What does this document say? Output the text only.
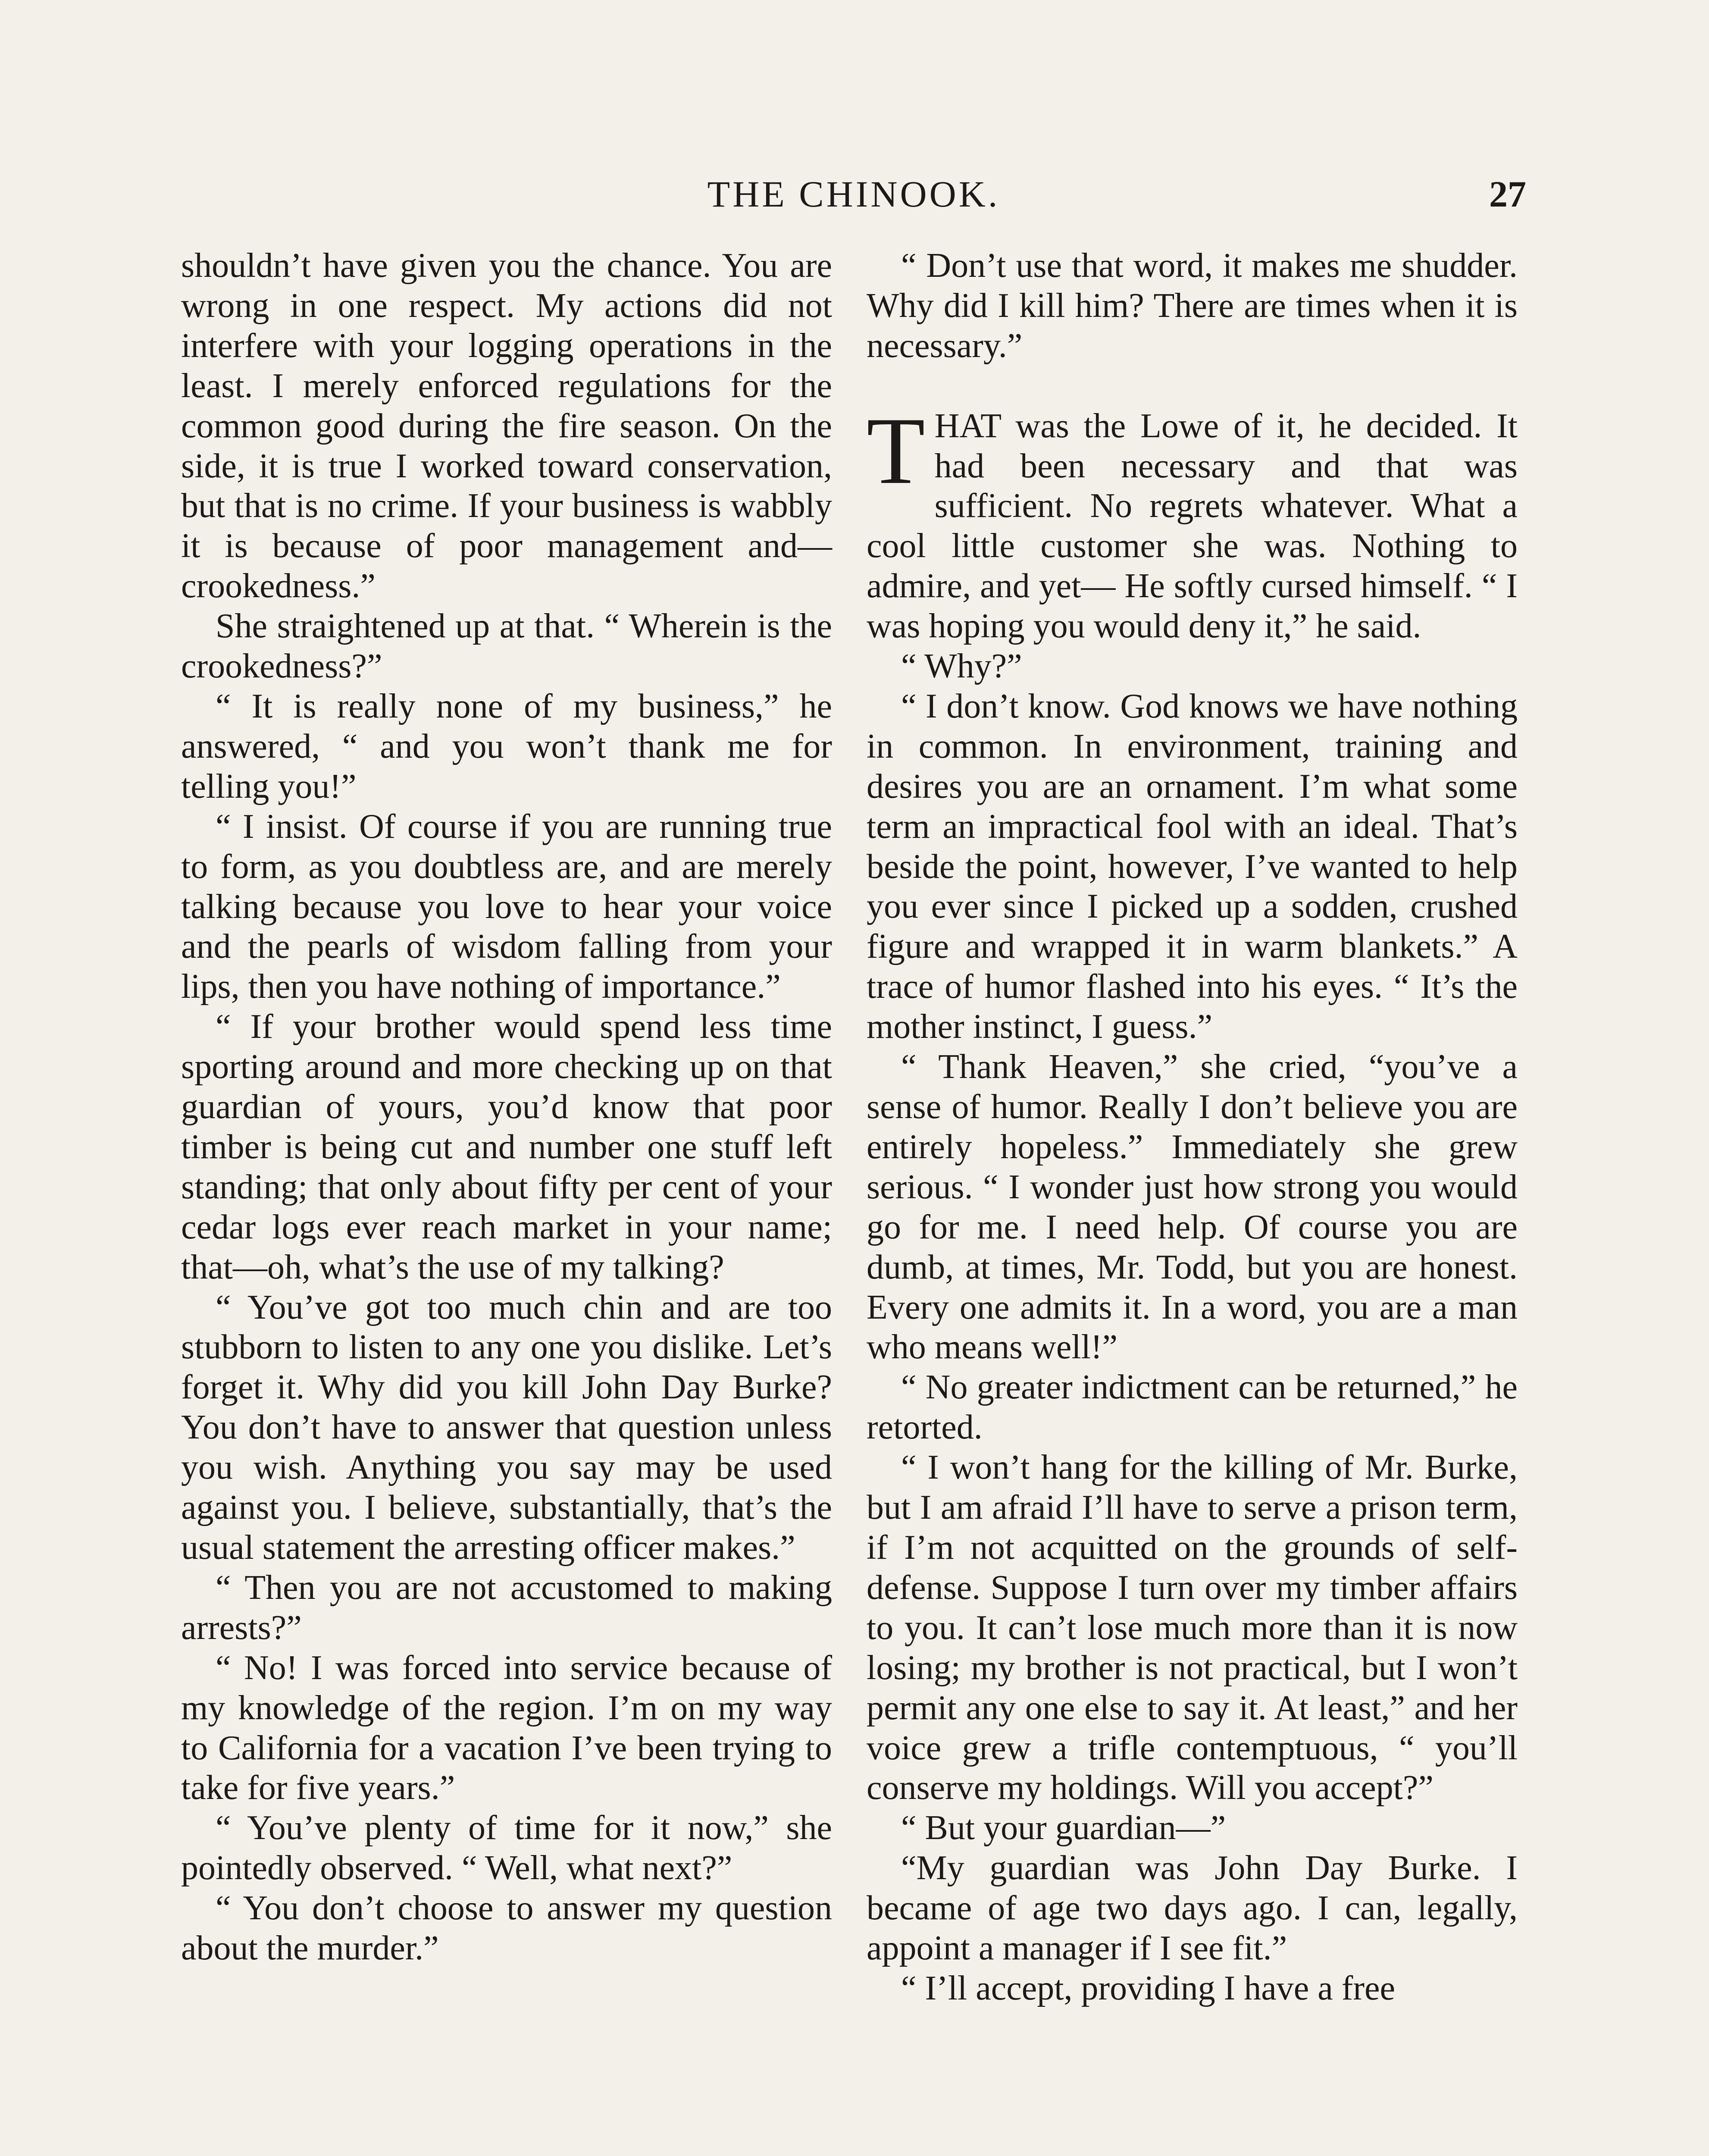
THE CHINOOK.	27

shouldn’t have given you the chance. You are wrong in one respect. My actions did not interfere with your logging operations in the least. I merely enforced regulations for the common good during the fire season. On the side, it is true I worked toward conservation, but that is no crime. If your business is wabbly it is because of poor management and—crookedness.”

She straightened up at that. “ Wherein is the crookedness?”

“ It is really none of my business,” he answered, “ and you won’t thank me for telling you!”

“ I insist. Of course if you are running true to form, as you doubtless are, and are merely talking because you love to hear your voice and the pearls of wisdom falling from your lips, then you have nothing of importance.”

“ If your brother would spend less time sporting around and more checking up on that guardian of yours, you’d know that poor timber is being cut and number one stuff left standing; that only about fifty per cent of your cedar logs ever reach market in your name; that—oh, what’s the use of my talking?

“ You’ve got too much chin and are too stubborn to listen to any one you dislike. Let’s forget it. Why did you kill John Day Burke? You don’t have to answer that question unless you wish. Anything you say may be used against you. I believe, substantially, that’s the usual statement the arresting officer makes.”

“ Then you are not accustomed to making arrests?”

“ No! I was forced into service because of my knowledge of the region. I’m on my way to California for a vacation I’ve been trying to take for five years.”

“ You’ve plenty of time for it now,” she pointedly observed. “ Well, what next?”

“ You don’t choose to answer my question about the murder.”

“ Don’t use that word, it makes me shudder. Why did I kill him? There are times when it is necessary.”

THAT was the Lowe of it, he decided. It had been necessary and that was sufficient. No regrets whatever. What a cool little customer she was. Nothing to admire, and yet— He softly cursed himself. “ I was hoping you would deny it,” he said.

“ Why?”

“ I don’t know. God knows we have nothing in common. In environment, training and desires you are an ornament. I’m what some term an impractical fool with an ideal. That’s beside the point, however, I’ve wanted to help you ever since I picked up a sodden, crushed figure and wrapped it in warm blankets.” A trace of humor flashed into his eyes. “ It’s the mother instinct, I guess.”

“ Thank Heaven,” she cried, “you’ve a sense of humor. Really I don’t believe you are entirely hopeless.” Immediately she grew serious. “ I wonder just how strong you would go for me. I need help. Of course you are dumb, at times, Mr. Todd, but you are honest. Every one admits it. In a word, you are a man who means well!”

“ No greater indictment can be returned,” he retorted.

“ I won’t hang for the killing of Mr. Burke, but I am afraid I’ll have to serve a prison term, if I’m not acquitted on the grounds of self-defense. Suppose I turn over my timber affairs to you. It can’t lose much more than it is now losing; my brother is not practical, but I won’t permit any one else to say it. At least,” and her voice grew a trifle contemptuous, “ you’ll conserve my holdings. Will you accept?”

“ But your guardian—”

“My guardian was John Day Burke. I became of age two days ago. I can, legally, appoint a manager if I see fit.”

“ I’ll accept, providing I have a free
